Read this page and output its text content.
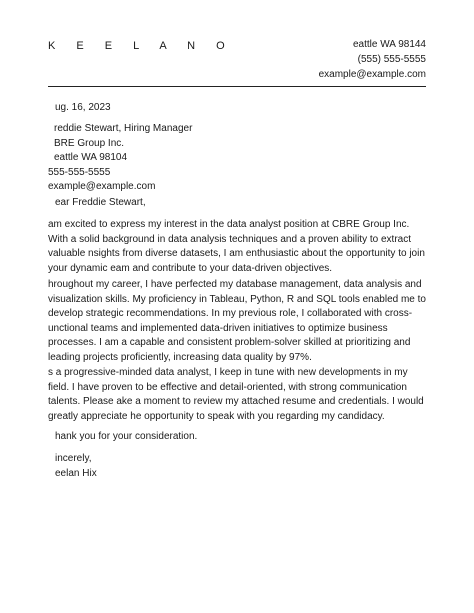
K E E L A N O	eattle WA 98144
(555) 555-5555
example@example.com
ug. 16, 2023
reddie Stewart, Hiring Manager
BRE Group Inc.
eattle WA 98104
555-555-5555
example@example.com
ear Freddie Stewart,

am excited to express my interest in the data analyst position at CBRE Group Inc. With a solid background in data analysis techniques and a proven ability to extract valuable nsights from diverse datasets, I am enthusiastic about the opportunity to join your dynamic eam and contribute to your data-driven objectives.

hroughout my career, I have perfected my database management, data analysis and visualization skills. My proficiency in Tableau, Python, R and SQL tools enabled me to develop strategic recommendations. In my previous role, I collaborated with cross-unctional teams and implemented data-driven initiatives to optimize business processes. I am a capable and consistent problem-solver skilled at prioritizing and leading projects proficiently, increasing data quality by 97%.

s a progressive-minded data analyst, I keep in tune with new developments in my field. I have proven to be effective and detail-oriented, with strong communication talents. Please ake a moment to review my attached resume and credentials. I would greatly appreciate he opportunity to speak with you regarding my candidacy.

hank you for your consideration.
incerely,
eelan Hix
